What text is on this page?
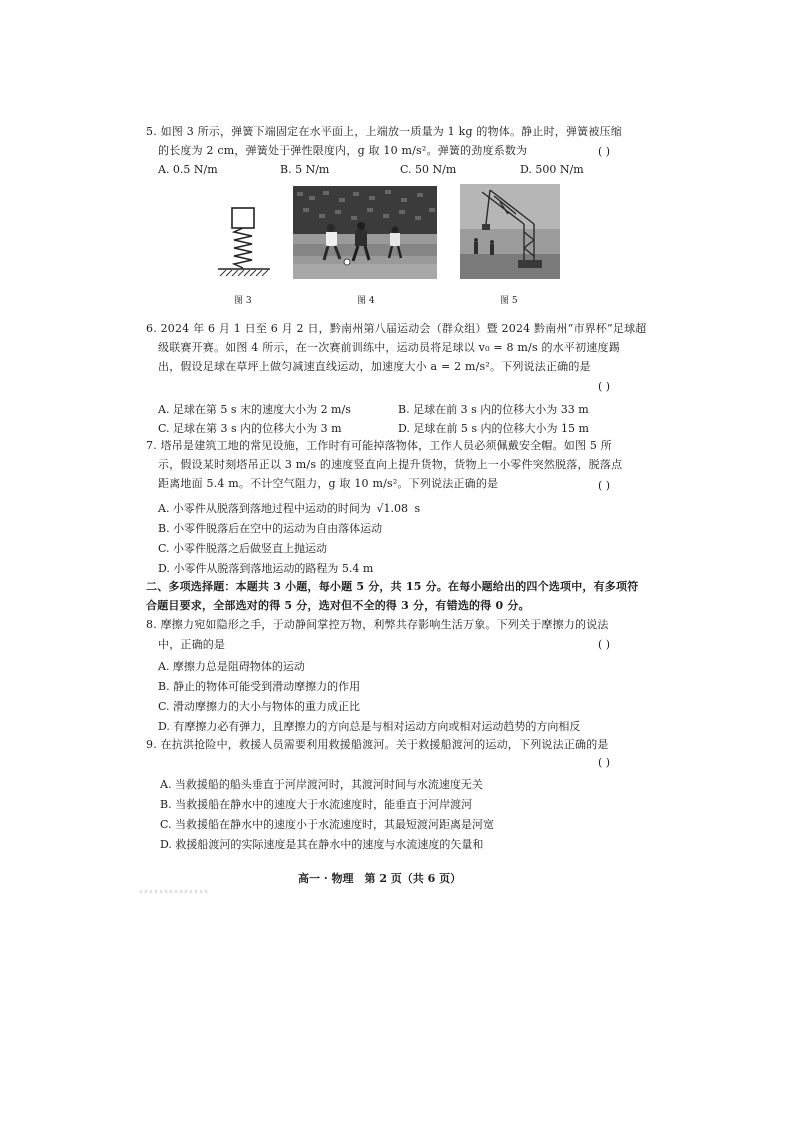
5. 如图 3 所示，弹簧下端固定在水平面上，上端放一质量为 1 kg 的物体。静止时，弹簧被压缩
的长度为 2 cm，弹簧处于弹性限度内，g 取 10 m/s²。弹簧的劲度系数为	( )
A. 0.5 N/m	B. 5 N/m	C. 50 N/m	D. 500 N/m
图 3	图 4	图 5
6. 2024 年 6 月 1 日至 6 月 2 日，黔南州第八届运动会（群众组）暨 2024 黔南州“市界杯”足球超
级联赛开赛。如图 4 所示，在一次赛前训练中，运动员将足球以 v₀ = 8 m/s 的水平初速度踢
出，假设足球在草坪上做匀减速直线运动，加速度大小 a = 2 m/s²。下列说法正确的是
( )
A. 足球在第 5 s 末的速度大小为 2 m/s	B. 足球在前 3 s 内的位移大小为 33 m
C. 足球在第 3 s 内的位移大小为 3 m	D. 足球在前 5 s 内的位移大小为 15 m
7. 塔吊是建筑工地的常见设施，工作时有可能掉落物体，工作人员必须佩戴安全帽。如图 5 所
示，假设某时刻塔吊正以 3 m/s 的速度竖直向上提升货物，货物上一小零件突然脱落，脱落点
距离地面 5.4 m。不计空气阻力，g 取 10 m/s²。下列说法正确的是	( )
A. 小零件从脱落到落地过程中运动的时间为 √1.08 s
B. 小零件脱落后在空中的运动为自由落体运动
C. 小零件脱落之后做竖直上抛运动
D. 小零件从脱落到落地运动的路程为 5.4 m
二、多项选择题：本题共 3 小题，每小题 5 分，共 15 分。在每小题给出的四个选项中，有多项符
合题目要求，全部选对的得 5 分，选对但不全的得 3 分，有错选的得 0 分。
8. 摩擦力宛如隐形之手，于动静间掌控万物，利弊共存影响生活万象。下列关于摩擦力的说法
中，正确的是	( )
A. 摩擦力总是阻碍物体的运动
B. 静止的物体可能受到滑动摩擦力的作用
C. 滑动摩擦力的大小与物体的重力成正比
D. 有摩擦力必有弹力，且摩擦力的方向总是与相对运动方向或相对运动趋势的方向相反
9. 在抗洪抢险中，救援人员需要利用救援船渡河。关于救援船渡河的运动，下列说法正确的是
( )
A. 当救援船的船头垂直于河岸渡河时，其渡河时间与水流速度无关
B. 当救援船在静水中的速度大于水流速度时，能垂直于河岸渡河
C. 当救援船在静水中的速度小于水流速度时，其最短渡河距离是河宽
D. 救援船渡河的实际速度是其在静水中的速度与水流速度的矢量和
高一 · 物理　第 2 页（共 6 页）
